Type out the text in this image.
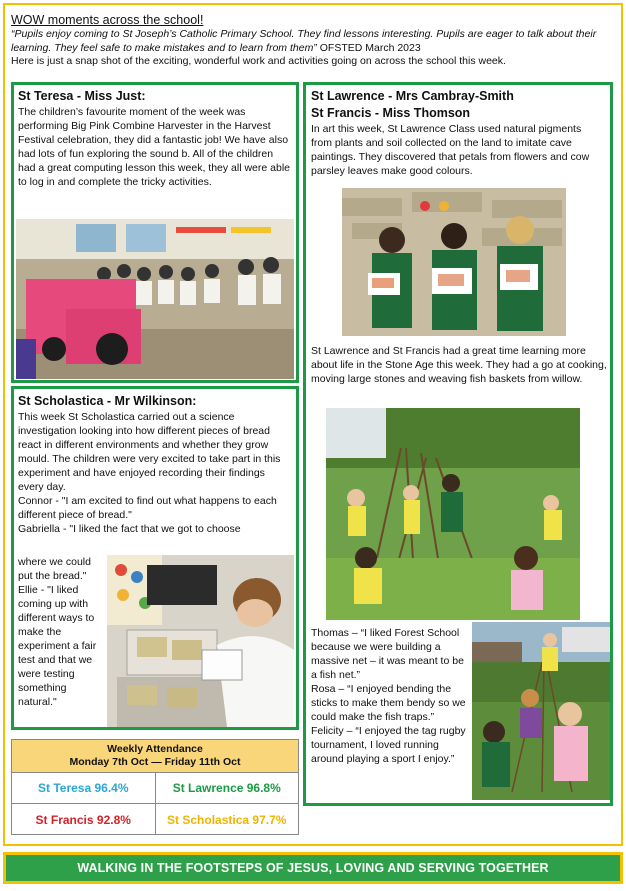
WOW moments across the school!
“Pupils enjoy coming to St Joseph’s Catholic Primary School. They find lessons interesting. Pupils are eager to talk about their learning. They feel safe to make mistakes and to learn from them” OFSTED March 2023
Here is just a snap shot of the exciting, wonderful work and activities going on across the school this week.
St Teresa - Miss Just:

The children’s favourite moment of the week was performing Big Pink Combine Harvester in the Harvest Festival celebration, they did a fantastic job! We have also had lots of fun exploring the sound b. All of the children had a great computing lesson this week, they all were able to log in and complete the tricky activities.

St Scholastica - Mr Wilkinson:

This week St Scholastica carried out a science investigation looking into how different pieces of bread react in different environments and whether they grow mould. The children were very excited to take part in this experiment and have enjoyed recording their findings every day.

Connor - "I am excited to find out what happens to each different piece of bread."

Gabriella - "I liked the fact that we got to choose

where we could put the bread."

Ellie - "I liked coming up with different ways to make the experiment a fair test and that we were testing something natural."

St Lawrence - Mrs Cambray-Smith
St Francis - Miss Thomson

In art this week, St Lawrence Class used natural pigments from plants and soil collected on the land to imitate cave paintings. They discovered that petals from flowers and cow parsley leaves make good colours.

St Lawrence and St Francis had a great time learning more about life in the Stone Age this week. They had a go at cooking, moving large stones and weaving fish baskets from willow.

Thomas – “I liked Forest School because we were building a massive net – it was meant to be a fish net.”

Rosa – “I enjoyed bending the sticks to make them bendy so we could make the fish traps.”

Felicity – “I enjoyed the tag rugby tournament, I loved running around playing a sport I enjoy.”

Weekly Attendance
Monday 7th Oct — Friday 11th Oct
St Teresa 96.4%	St Lawrence 96.8%
St Francis 92.8%	St Scholastica 97.7%
WALKING IN THE FOOTSTEPS OF JESUS, LOVING AND SERVING TOGETHER
